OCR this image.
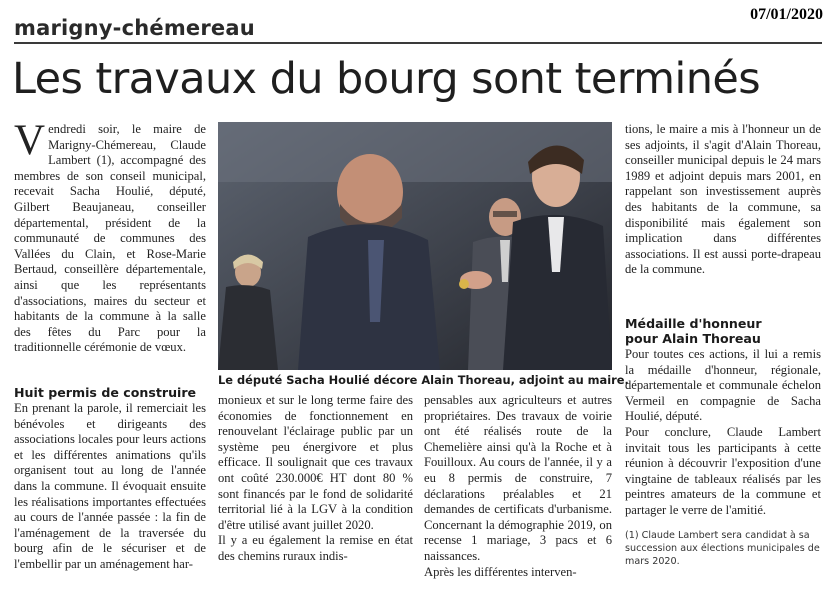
07/01/2020
marigny-chémereau
Les travaux du bourg sont terminés

Vendredi soir, le maire de Marigny-Chémereau, Claude Lambert (1), accompagné des membres de son conseil municipal, recevait Sacha Houlié, député, Gilbert Beaujaneau, conseiller départemental, président de la communauté de communes des Vallées du Clain, et Rose-Marie Bertaud, conseillère départementale, ainsi que les représentants d'associations, maires du secteur et habitants de la commune à la salle des fêtes du Parc pour la traditionnelle cérémonie de vœux.

Huit permis de construire

En prenant la parole, il remerciait les bénévoles et dirigeants des associations locales pour leurs actions et les différentes animations qu'ils organisent tout au long de l'année dans la commune. Il évoquait ensuite les réalisations importantes effectuées au cours de l'année passée : la fin de l'aménagement de la traversée du bourg afin de le sécuriser et de l'embellir par un aménagement har-

Le député Sacha Houlié décore Alain Thoreau, adjoint au maire.

monieux et sur le long terme faire des économies de fonctionnement en renouvelant l'éclairage public par un système peu énergivore et plus efficace. Il soulignait que ces travaux ont coûté 230.000€ HT dont 80 % sont financés par le fond de solidarité territorial lié à la LGV à la condition d'être utilisé avant juillet 2020.

Il y a eu également la remise en état des chemins ruraux indis-

pensables aux agriculteurs et autres propriétaires. Des travaux de voirie ont été réalisés route de la Chemelière ainsi qu'à la Roche et à Fouilloux. Au cours de l'année, il y a eu 8 permis de construire, 7 déclarations préalables et 21 demandes de certificats d'urbanisme. Concernant la démographie 2019, on recense 1 mariage, 3 pacs et 6 naissances.

Après les différentes interven-

tions, le maire a mis à l'honneur un de ses adjoints, il s'agit d'Alain Thoreau, conseiller municipal depuis le 24 mars 1989 et adjoint depuis mars 2001, en rappelant son investissement auprès des habitants de la commune, sa disponibilité mais également son implication dans différentes associations. Il est aussi porte-drapeau de la commune.

Médaille d'honneur
pour Alain Thoreau

Pour toutes ces actions, il lui a remis la médaille d'honneur, régionale, départementale et communale échelon Vermeil en compagnie de Sacha Houlié, député.

Pour conclure, Claude Lambert invitait tous les participants à cette réunion à découvrir l'exposition d'une vingtaine de tableaux réalisés par les peintres amateurs de la commune et partager le verre de l'amitié.

(1) Claude Lambert sera candidat à sa succession aux élections municipales de mars 2020.
